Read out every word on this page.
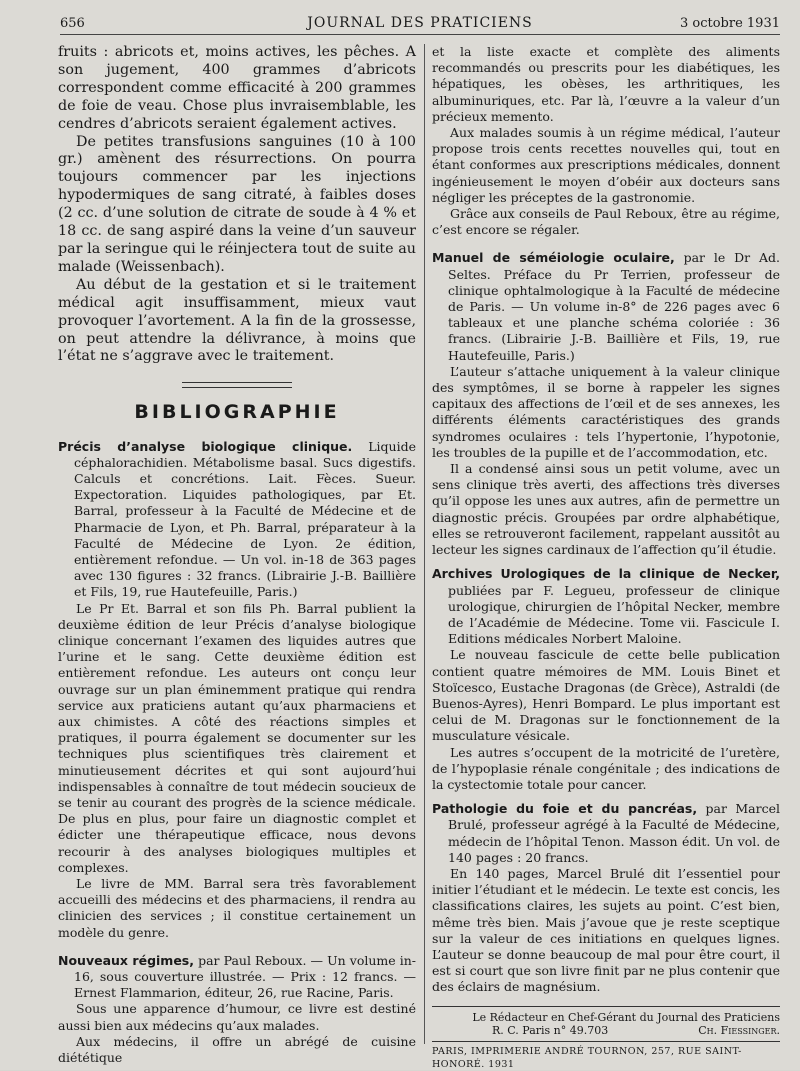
656	JOURNAL DES PRATICIENS	3 octobre 1931

fruits : abricots et, moins actives, les pêches. A son jugement, 400 grammes d’abricots correspondent comme efficacité à 200 grammes de foie de veau. Chose plus invraisemblable, les cendres d’abricots seraient également actives.

De petites transfusions sanguines (10 à 100 gr.) amènent des résurrections. On pourra toujours commencer par les injections hypodermiques de sang citraté, à faibles doses (2 cc. d’une solution de citrate de soude à 4 % et 18 cc. de sang aspiré dans la veine d’un sauveur par la seringue qui le réinjectera tout de suite au malade (Weissenbach).

Au début de la gestation et si le traitement médical agit insuffisamment, mieux vaut provoquer l’avortement. A la fin de la grossesse, on peut attendre la délivrance, à moins que l’état ne s’aggrave avec le traitement.

BIBLIOGRAPHIE

Précis d’analyse biologique clinique. Liquide céphalorachidien. Métabolisme basal. Sucs digestifs. Calculs et concrétions. Lait. Fèces. Sueur. Expectoration. Liquides pathologiques, par Et. Barral, professeur à la Faculté de Médecine et de Pharmacie de Lyon, et Ph. Barral, préparateur à la Faculté de Médecine de Lyon. 2e édition, entièrement refondue. — Un vol. in-18 de 363 pages avec 130 figures : 32 francs. (Librairie J.-B. Baillière et Fils, 19, rue Hautefeuille, Paris.)

Le Pr Et. Barral et son fils Ph. Barral publient la deuxième édition de leur Précis d’analyse biologique clinique concernant l’examen des liquides autres que l’urine et le sang. Cette deuxième édition est entièrement refondue. Les auteurs ont conçu leur ouvrage sur un plan éminemment pratique qui rendra service aux praticiens autant qu’aux pharmaciens et aux chimistes. A côté des réactions simples et pratiques, il pourra également se documenter sur les techniques plus scientifiques très clairement et minutieusement décrites et qui sont aujourd’hui indispensables à connaître de tout médecin soucieux de se tenir au courant des progrès de la science médicale. De plus en plus, pour faire un diagnostic complet et édicter une thérapeutique efficace, nous devons recourir à des analyses biologiques multiples et complexes.

Le livre de MM. Barral sera très favorablement accueilli des médecins et des pharmaciens, il rendra au clinicien des services ; il constitue certainement un modèle du genre.

Nouveaux régimes, par Paul Reboux. — Un volume in-16, sous couverture illustrée. — Prix : 12 francs. — Ernest Flammarion, éditeur, 26, rue Racine, Paris.

Sous une apparence d’humour, ce livre est destiné aussi bien aux médecins qu’aux malades.

Aux médecins, il offre un abrégé de cuisine diététique

et la liste exacte et complète des aliments recommandés ou prescrits pour les diabétiques, les hépatiques, les obèses, les arthritiques, les albuminuriques, etc. Par là, l’œuvre a la valeur d’un précieux memento.

Aux malades soumis à un régime médical, l’auteur propose trois cents recettes nouvelles qui, tout en étant conformes aux prescriptions médicales, donnent ingénieusement le moyen d’obéir aux docteurs sans négliger les préceptes de la gastronomie.

Grâce aux conseils de Paul Reboux, être au régime, c’est encore se régaler.

Manuel de séméiologie oculaire, par le Dr Ad. Seltes. Préface du Pr Terrien, professeur de clinique ophtalmologique à la Faculté de médecine de Paris. — Un volume in-8° de 226 pages avec 6 tableaux et une planche schéma coloriée : 36 francs. (Librairie J.-B. Baillière et Fils, 19, rue Hautefeuille, Paris.)

L’auteur s’attache uniquement à la valeur clinique des symptômes, il se borne à rappeler les signes capitaux des affections de l’œil et de ses annexes, les différents éléments caractéristiques des grands syndromes oculaires : tels l’hypertonie, l’hypotonie, les troubles de la pupille et de l’accommodation, etc.

Il a condensé ainsi sous un petit volume, avec un sens clinique très averti, des affections très diverses qu’il oppose les unes aux autres, afin de permettre un diagnostic précis. Groupées par ordre alphabétique, elles se retrouveront facilement, rappelant aussitôt au lecteur les signes cardinaux de l’affection qu’il étudie.

Archives Urologiques de la clinique de Necker, publiées par F. Legueu, professeur de clinique urologique, chirurgien de l’hôpital Necker, membre de l’Académie de Médecine. Tome vii. Fascicule I. Editions médicales Norbert Maloine.

Le nouveau fascicule de cette belle publication contient quatre mémoires de MM. Louis Binet et Stoïcesco, Eustache Dragonas (de Grèce), Astraldi (de Buenos-Ayres), Henri Bompard. Le plus important est celui de M. Dragonas sur le fonctionnement de la musculature vésicale.

Les autres s’occupent de la motricité de l’uretère, de l’hypoplasie rénale congénitale ; des indications de la cystectomie totale pour cancer.

Pathologie du foie et du pancréas, par Marcel Brulé, professeur agrégé à la Faculté de Médecine, médecin de l’hôpital Tenon. Masson édit. Un vol. de 140 pages : 20 francs.

En 140 pages, Marcel Brulé dit l’essentiel pour initier l’étudiant et le médecin. Le texte est concis, les classifications claires, les sujets au point. C’est bien, même très bien. Mais j’avoue que je reste sceptique sur la valeur de ces initiations en quelques lignes. L’auteur se donne beaucoup de mal pour être court, il est si court que son livre finit par ne plus contenir que des éclairs de magnésium.

Le Rédacteur en Chef-Gérant du Journal des Praticiens
R. C. Paris n° 49.703	Ch. Fiessinger.
PARIS, IMPRIMERIE ANDRÉ TOURNON, 257, RUE SAINT-HONORÉ. 1931
